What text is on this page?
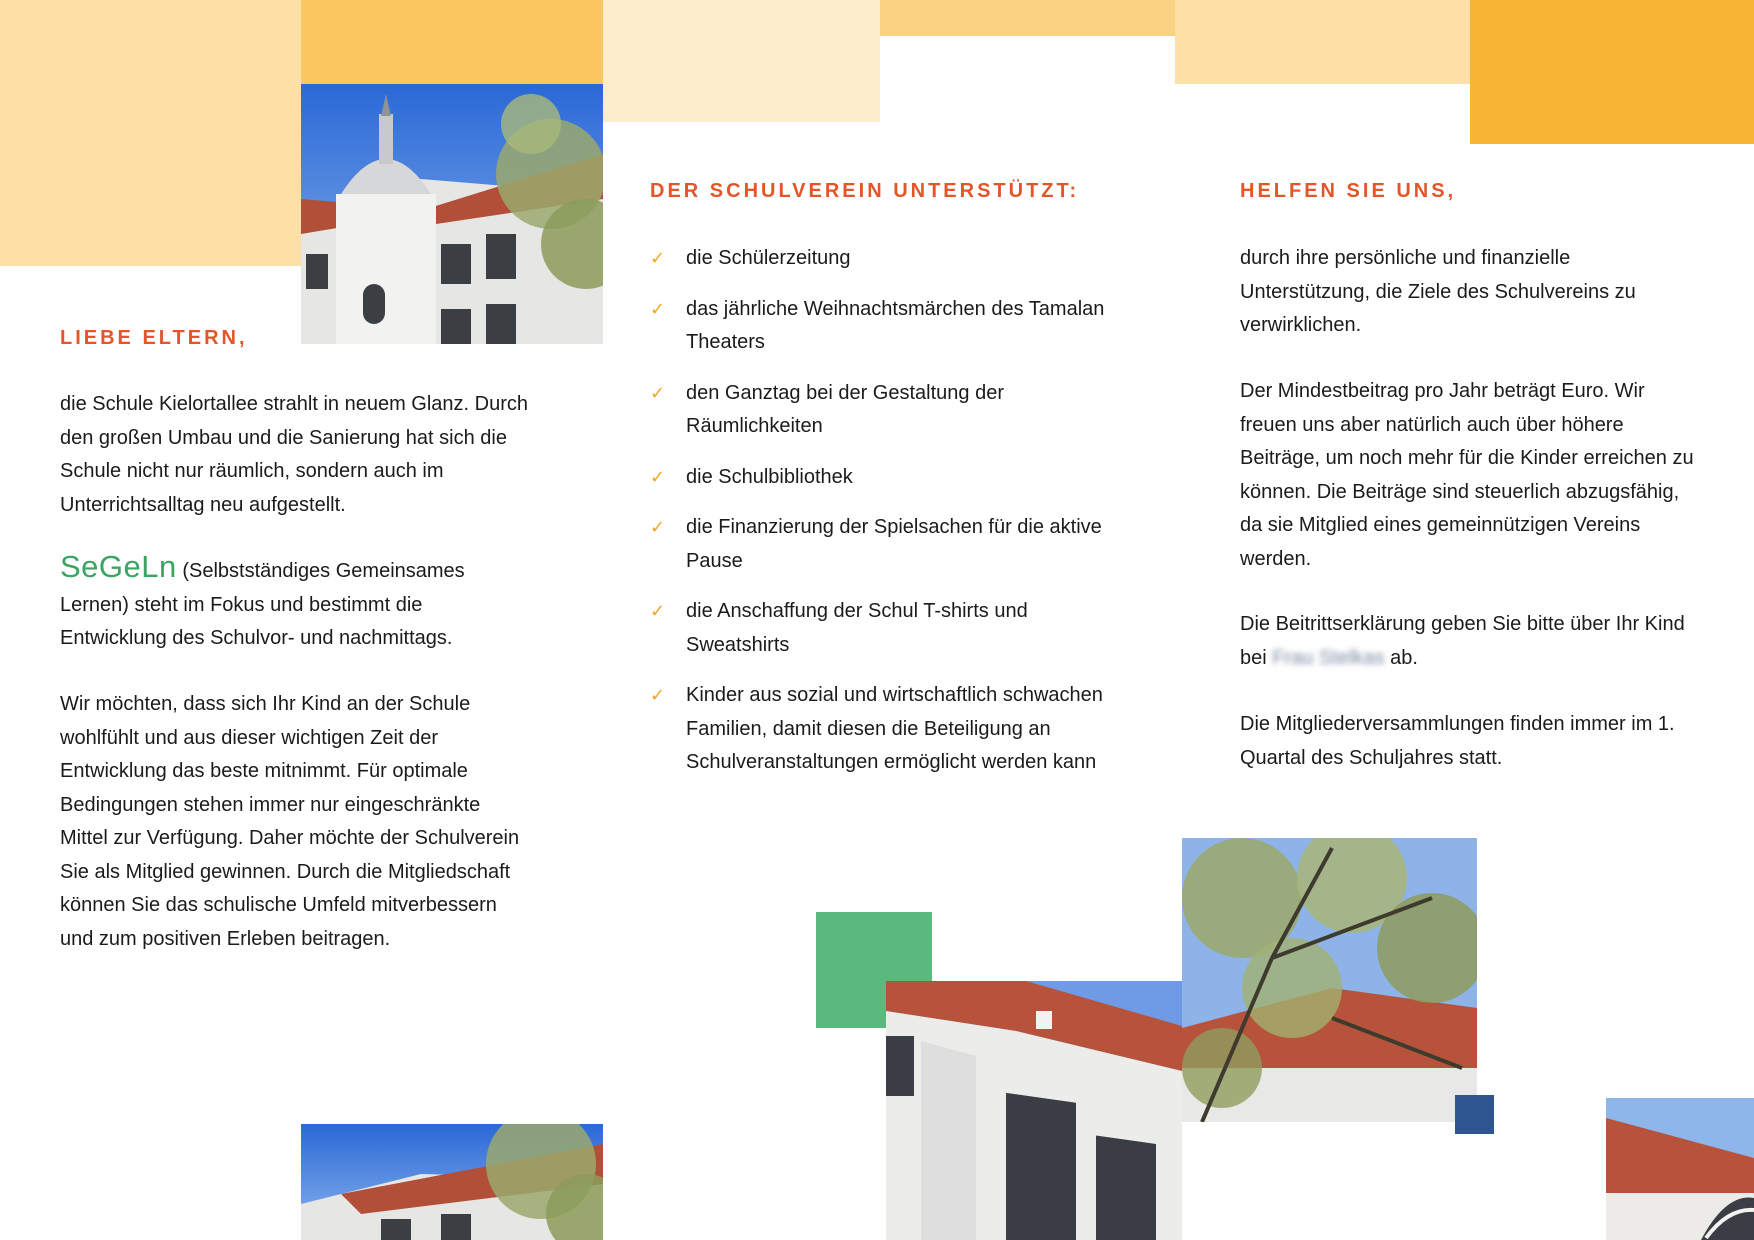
LIEBE ELTERN,

die Schule Kielortallee strahlt in neuem Glanz. Durch den großen Umbau und die Sanierung hat sich die Schule nicht nur räumlich, sondern auch im Unterrichtsalltag neu aufgestellt.

SeGeLn (Selbstständiges Gemeinsames Lernen) steht im Fokus und bestimmt die Entwicklung des Schulvor- und nachmittags.

Wir möchten, dass sich Ihr Kind an der Schule wohlfühlt und aus dieser wichtigen Zeit der Entwicklung das beste mitnimmt. Für optimale Bedingungen stehen immer nur eingeschränkte Mittel zur Verfügung. Daher möchte der Schulverein Sie als Mitglied gewinnen. Durch die Mitgliedschaft können Sie das schulische Umfeld mitverbessern und zum positiven Erleben beitragen.

DER SCHULVEREIN UNTERSTÜTZT:
✓ die Schülerzeitung
✓ das jährliche Weihnachtsmärchen des Tamalan Theaters
✓ den Ganztag bei der Gestaltung der Räumlichkeiten
✓ die Schulbibliothek
✓ die Finanzierung der Spielsachen für die aktive Pause
✓ die Anschaffung der Schul T-shirts und Sweatshirts
✓ Kinder aus sozial und wirtschaftlich schwachen Familien, damit diesen die Beteiligung an Schulveranstaltungen ermöglicht werden kann
HELFEN SIE UNS,

durch ihre persönliche und finanzielle Unterstützung, die Ziele des Schulvereins zu verwirklichen.

Der Mindestbeitrag pro Jahr beträgt Euro. Wir freuen uns aber natürlich auch über höhere Beiträge, um noch mehr für die Kinder erreichen zu können. Die Beiträge sind steuerlich abzugsfähig, da sie Mitglied eines gemeinnützigen Vereins werden.

Die Beitrittserklärung geben Sie bitte über Ihr Kind bei Frau Stelkas ab.

Die Mitgliederversammlungen finden immer im 1. Quartal des Schuljahres statt.
